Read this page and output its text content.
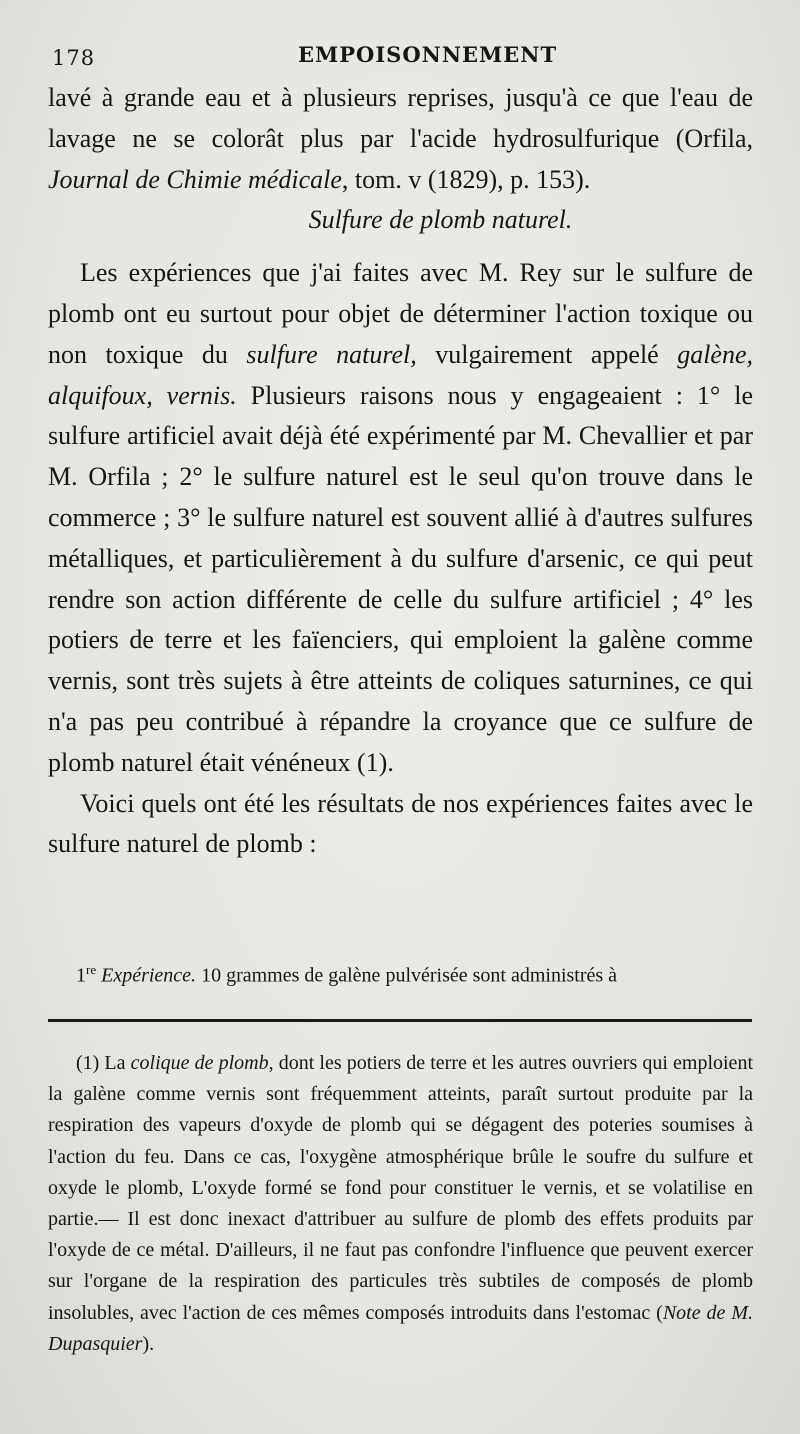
178	EMPOISONNEMENT

lavé à grande eau et à plusieurs reprises, jusqu'à ce que l'eau de lavage ne se colorât plus par l'acide hydrosulfurique (Orfila, Journal de Chimie médicale, tom. v (1829), p. 153).

Sulfure de plomb naturel.

Les expériences que j'ai faites avec M. Rey sur le sulfure de plomb ont eu surtout pour objet de déterminer l'action toxique ou non toxique du sulfure naturel, vulgairement appelé galène, alquifoux, vernis. Plusieurs raisons nous y engageaient : 1° le sulfure artificiel avait déjà été expérimenté par M. Chevallier et par M. Orfila ; 2° le sulfure naturel est le seul qu'on trouve dans le commerce ; 3° le sulfure naturel est souvent allié à d'autres sulfures métalliques, et particulièrement à du sulfure d'arsenic, ce qui peut rendre son action différente de celle du sulfure artificiel ; 4° les potiers de terre et les faïenciers, qui emploient la galène comme vernis, sont très sujets à être atteints de coliques saturnines, ce qui n'a pas peu contribué à répandre la croyance que ce sulfure de plomb naturel était vénéneux (1).

Voici quels ont été les résultats de nos expériences faites avec le sulfure naturel de plomb :

1re Expérience. 10 grammes de galène pulvérisée sont administrés à

(1) La colique de plomb, dont les potiers de terre et les autres ouvriers qui emploient la galène comme vernis sont fréquemment atteints, paraît surtout produite par la respiration des vapeurs d'oxyde de plomb qui se dégagent des poteries soumises à l'action du feu. Dans ce cas, l'oxygène atmosphérique brûle le soufre du sulfure et oxyde le plomb, L'oxyde formé se fond pour constituer le vernis, et se volatilise en partie.— Il est donc inexact d'attribuer au sulfure de plomb des effets produits par l'oxyde de ce métal. D'ailleurs, il ne faut pas confondre l'influence que peuvent exercer sur l'organe de la respiration des particules très subtiles de composés de plomb insolubles, avec l'action de ces mêmes composés introduits dans l'estomac (Note de M. Dupasquier).
